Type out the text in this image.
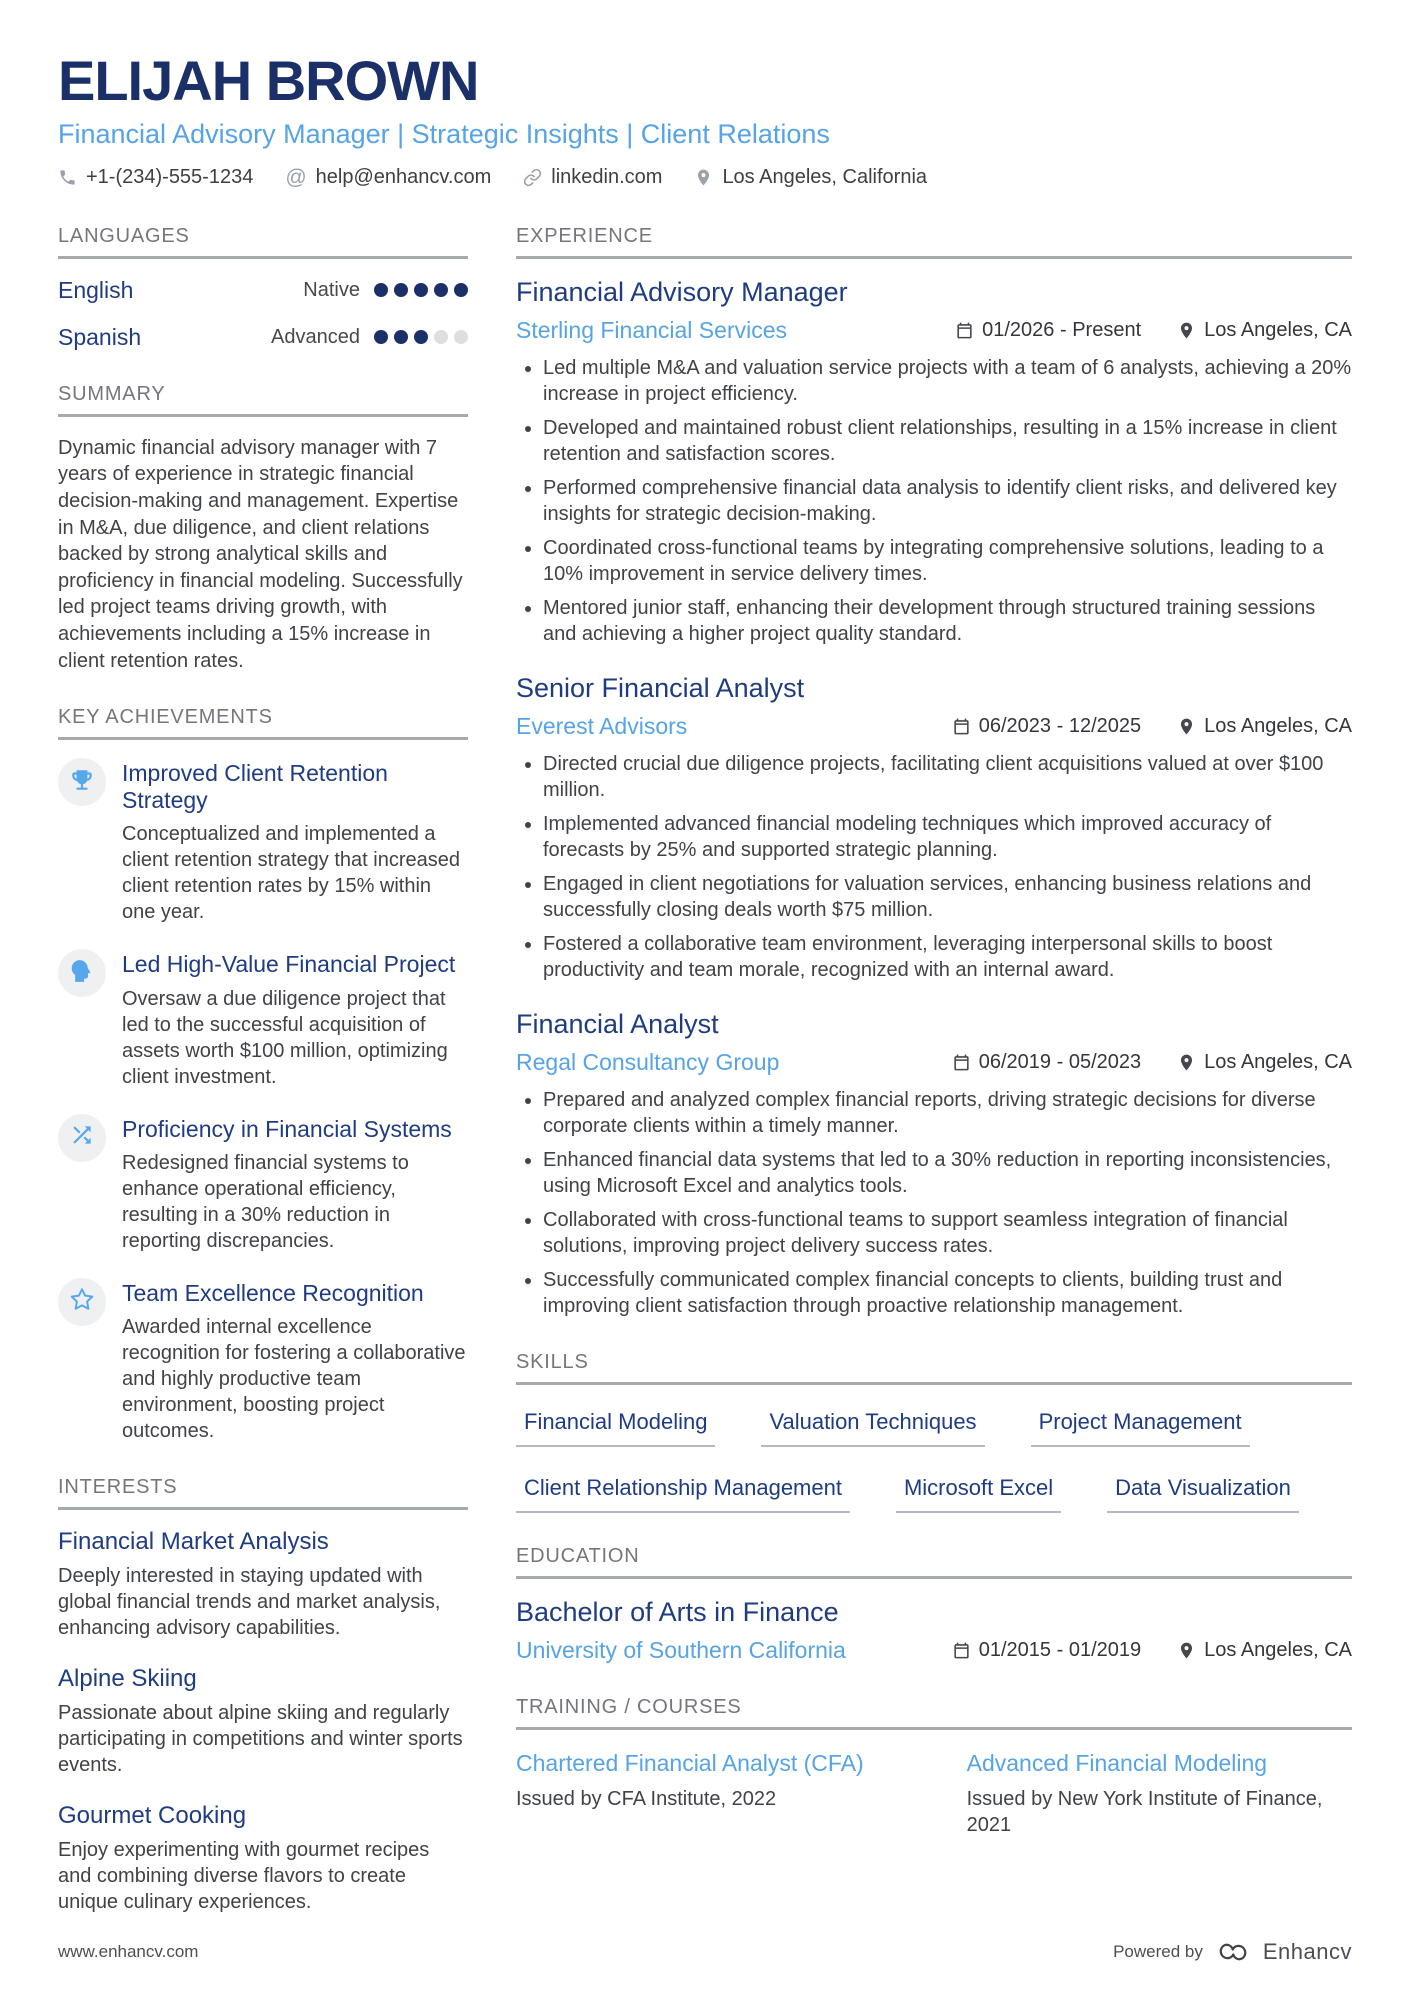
ELIJAH BROWN
Financial Advisory Manager | Strategic Insights | Client Relations
+1-(234)-555-1234 @ help@enhancv.com	linkedin.com	Los Angeles, California
LANGUAGES
English	Native
Spanish	Advanced
SUMMARY

Dynamic financial advisory manager with 7 years of experience in strategic financial decision-making and management. Expertise in M&A, due diligence, and client relations backed by strong analytical skills and proficiency in financial modeling. Successfully led project teams driving growth, with achievements including a 15% increase in client retention rates.

KEY ACHIEVEMENTS
Improved Client Retention Strategy
Conceptualized and implemented a client retention strategy that increased client retention rates by 15% within one year.
Led High-Value Financial Project
Oversaw a due diligence project that led to the successful acquisition of assets worth $100 million, optimizing client investment.
Proficiency in Financial Systems
Redesigned financial systems to enhance operational efficiency, resulting in a 30% reduction in reporting discrepancies.
Team Excellence Recognition
Awarded internal excellence recognition for fostering a collaborative and highly productive team environment, boosting project outcomes.
INTERESTS
Financial Market Analysis
Deeply interested in staying updated with global financial trends and market analysis, enhancing advisory capabilities.
Alpine Skiing
Passionate about alpine skiing and regularly participating in competitions and winter sports events.
Gourmet Cooking
Enjoy experimenting with gourmet recipes and combining diverse flavors to create unique culinary experiences.
EXPERIENCE
Financial Advisory Manager
Sterling Financial Services	01/2026 - Present	Los Angeles, CA
• Led multiple M&A and valuation service projects with a team of 6 analysts, achieving a 20% increase in project efficiency.
• Developed and maintained robust client relationships, resulting in a 15% increase in client retention and satisfaction scores.
• Performed comprehensive financial data analysis to identify client risks, and delivered key insights for strategic decision-making.
• Coordinated cross-functional teams by integrating comprehensive solutions, leading to a 10% improvement in service delivery times.
• Mentored junior staff, enhancing their development through structured training sessions and achieving a higher project quality standard.
Senior Financial Analyst
Everest Advisors	06/2023 - 12/2025	Los Angeles, CA
• Directed crucial due diligence projects, facilitating client acquisitions valued at over $100 million.
• Implemented advanced financial modeling techniques which improved accuracy of forecasts by 25% and supported strategic planning.
• Engaged in client negotiations for valuation services, enhancing business relations and successfully closing deals worth $75 million.
• Fostered a collaborative team environment, leveraging interpersonal skills to boost productivity and team morale, recognized with an internal award.
Financial Analyst
Regal Consultancy Group	06/2019 - 05/2023	Los Angeles, CA
• Prepared and analyzed complex financial reports, driving strategic decisions for diverse corporate clients within a timely manner.
• Enhanced financial data systems that led to a 30% reduction in reporting inconsistencies, using Microsoft Excel and analytics tools.
• Collaborated with cross-functional teams to support seamless integration of financial solutions, improving project delivery success rates.
• Successfully communicated complex financial concepts to clients, building trust and improving client satisfaction through proactive relationship management.
SKILLS
Financial Modeling	Valuation Techniques	Project Management
Client Relationship Management	Microsoft Excel	Data Visualization
EDUCATION
Bachelor of Arts in Finance
University of Southern California	01/2015 - 01/2019	Los Angeles, CA
TRAINING / COURSES
Chartered Financial Analyst (CFA)
Issued by CFA Institute, 2022
Advanced Financial Modeling
Issued by New York Institute of Finance, 2021
www.enhancv.com	Powered by	Enhancv
